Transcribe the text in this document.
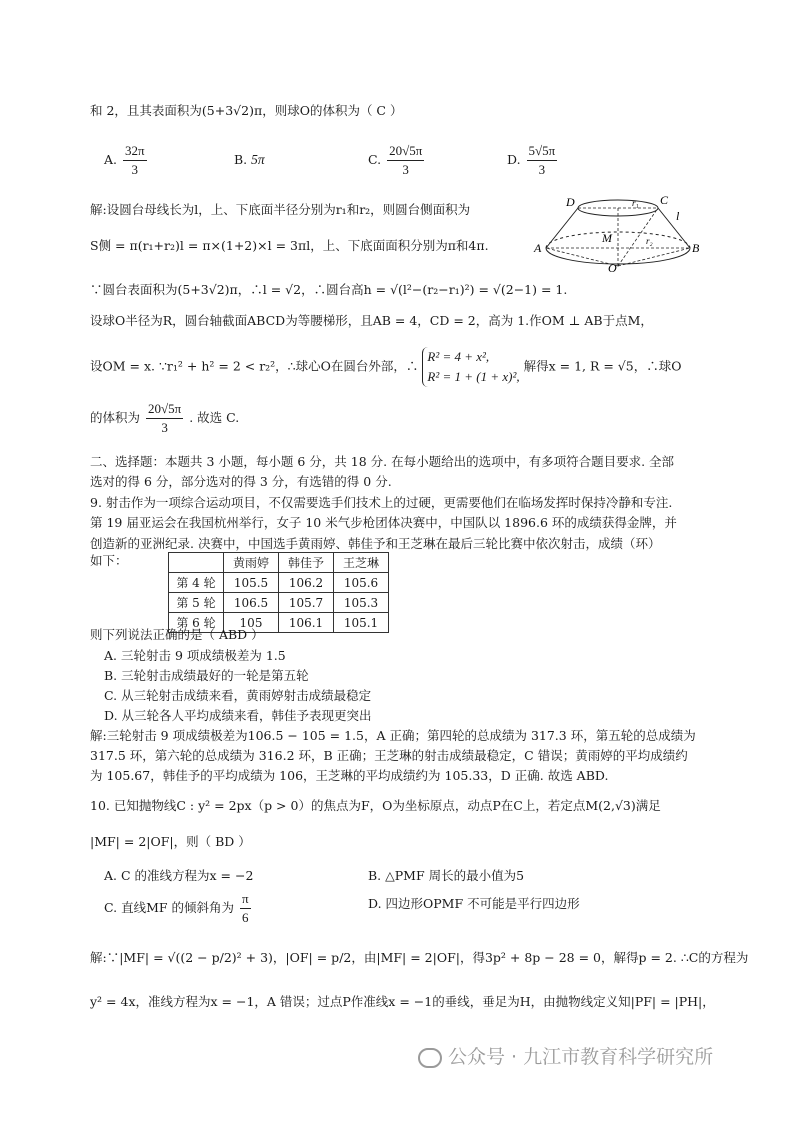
和 2，且其表面积为(5+3√2)π，则球O的体积为（ C ）
A. $\frac{32\pi}{3}$	B. 5π	C. $\frac{20√5\pi}{3}$	D. $\frac{5√5\pi}{3}$
解:设圆台母线长为l，上、下底面半径分别为r₁和r₂，则圆台侧面积为
S侧 = π(r₁+r₂)l = π×(1+2)×l = 3πl，上、下底面面积分别为π和4π.
∵圆台表面积为(5+3√2)π，∴l = √2，∴圆台高h = √(l²−(r₂−r₁)²) = √(2−1) = 1.
设球O半径为R，圆台轴截面ABCD为等腰梯形，且AB = 4，CD = 2，高为 1.作OM ⊥ AB于点M，
设OM = x. ∵r₁² + h² = 2 < r₂²，∴球心O在圆台外部，∴
R² = 4 + x²,
R² = 1 + (1 + x)²,
解得x = 1, R = √5，∴球O
的体积为 $\frac{20√5\pi}{3}$ . 故选 C.
D	C
r₁
l
M	r₂
A	B
O
二、选择题：本题共 3 小题，每小题 6 分，共 18 分. 在每小题给出的选项中，有多项符合题目要求. 全部
选对的得 6 分，部分选对的得 3 分，有选错的得 0 分.
9. 射击作为一项综合运动项目，不仅需要选手们技术上的过硬，更需要他们在临场发挥时保持冷静和专注.
第 19 届亚运会在我国杭州举行，女子 10 米气步枪团体决赛中，中国队以 1896.6 环的成绩获得金牌，并
创造新的亚洲纪录. 决赛中，中国选手黄雨婷、韩佳予和王芝琳在最后三轮比赛中依次射击，成绩（环）
如下：
		黄雨婷	韩佳予	王芝琳
第 4 轮	105.5	106.2	105.6
第 5 轮	106.5	105.7	105.3
第 6 轮	105	106.1	105.1
则下列说法正确的是（ ABD ）
A. 三轮射击 9 项成绩极差为 1.5
B. 三轮射击成绩最好的一轮是第五轮
C. 从三轮射击成绩来看，黄雨婷射击成绩最稳定
D. 从三轮各人平均成绩来看，韩佳予表现更突出
解:三轮射击 9 项成绩极差为106.5 − 105 = 1.5，A 正确；第四轮的总成绩为 317.3 环，第五轮的总成绩为
317.5 环，第六轮的总成绩为 316.2 环，B 正确；王芝琳的射击成绩最稳定，C 错误；黄雨婷的平均成绩约
为 105.67，韩佳予的平均成绩为 106，王芝琳的平均成绩约为 105.33，D 正确. 故选 ABD.
10. 已知抛物线C : y² = 2px（p > 0）的焦点为F，O为坐标原点，动点P在C上，若定点M(2,√3)满足
|MF| = 2|OF|，则（ BD ）
A. C 的准线方程为x = −2	B. △PMF 周长的最小值为5
C. 直线MF 的倾斜角为 $\frac{\pi}{6}$	D. 四边形OPMF 不可能是平行四边形
解:∵|MF| = √((2 − p/2)² + 3)，|OF| = p/2，由|MF| = 2|OF|，得3p² + 8p − 28 = 0，解得p = 2. ∴C的方程为
y² = 4x，准线方程为x = −1，A 错误；过点P作准线x = −1的垂线，垂足为H，由抛物线定义知|PF| = |PH|，
公众号 · 九江市教育科学研究所
